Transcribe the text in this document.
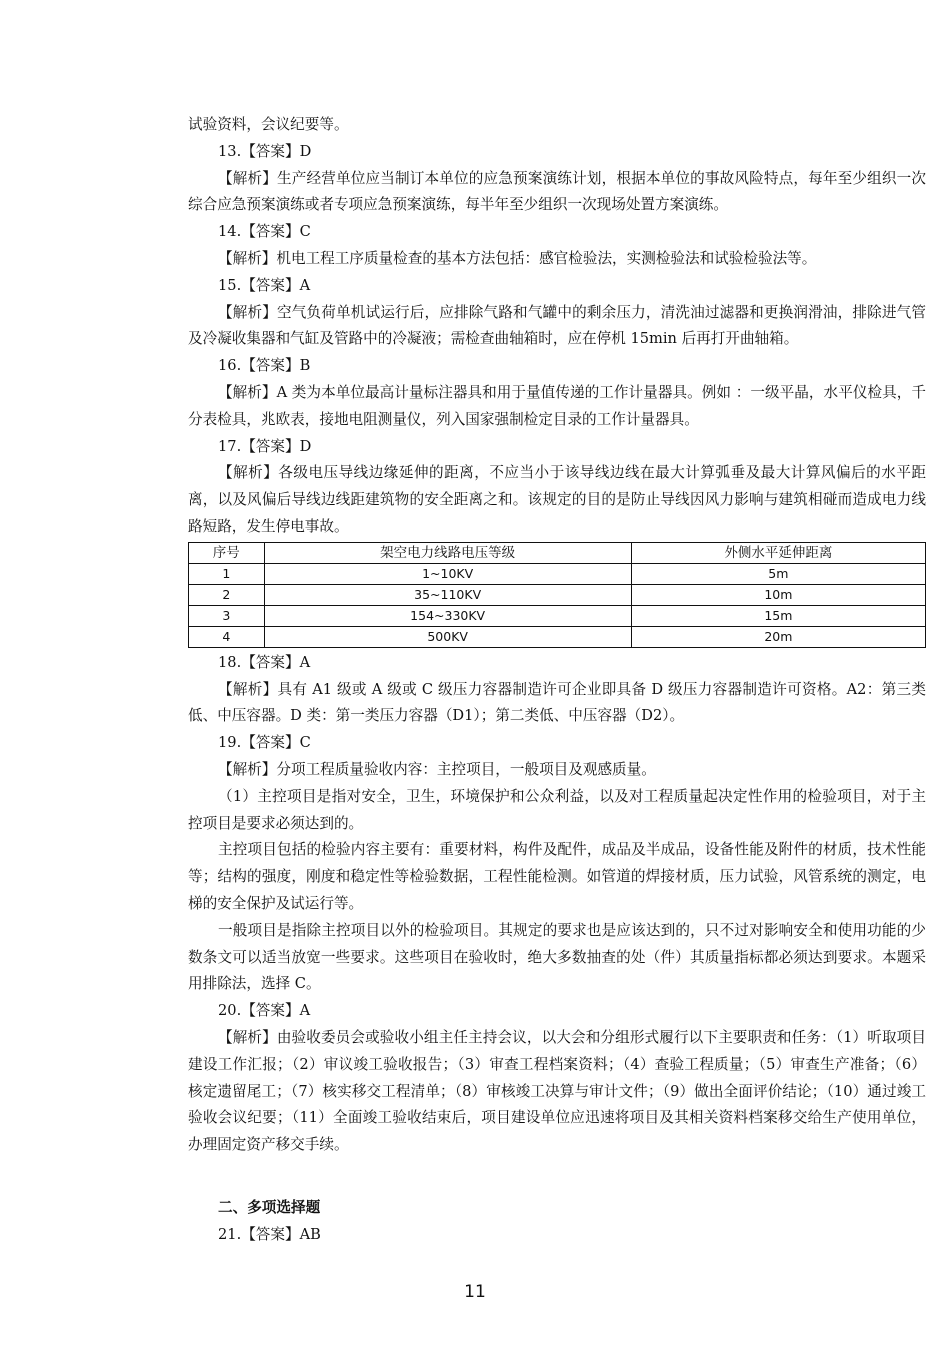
试验资料，会议纪要等。

13.【答案】D

【解析】生产经营单位应当制订本单位的应急预案演练计划，根据本单位的事故风险特点，每年至少组织一次综合应急预案演练或者专项应急预案演练，每半年至少组织一次现场处置方案演练。

14.【答案】C

【解析】机电工程工序质量检查的基本方法包括：感官检验法，实测检验法和试验检验法等。

15.【答案】A

【解析】空气负荷单机试运行后，应排除气路和气罐中的剩余压力，清洗油过滤器和更换润滑油，排除进气管及冷凝收集器和气缸及管路中的冷凝液；需检查曲轴箱时，应在停机 15min 后再打开曲轴箱。

16.【答案】B

【解析】A 类为本单位最高计量标注器具和用于量值传递的工作计量器具。例如 ：一级平晶，水平仪检具，千分表检具，兆欧表，接地电阻测量仪，列入国家强制检定目录的工作计量器具。

17.【答案】D

【解析】各级电压导线边缘延伸的距离，不应当小于该导线边线在最大计算弧垂及最大计算风偏后的水平距离，以及风偏后导线边线距建筑物的安全距离之和。该规定的目的是防止导线因风力影响与建筑相碰而造成电力线路短路，发生停电事故。

序号	架空电力线路电压等级	外侧水平延伸距离
1	1~10KV	5m
2	35~110KV	10m
3	154~330KV	15m
4	500KV	20m

18.【答案】A

【解析】具有 A1 级或 A 级或 C 级压力容器制造许可企业即具备 D 级压力容器制造许可资格。A2：第三类低、中压容器。D 类：第一类压力容器（D1）；第二类低、中压容器（D2）。

19.【答案】C

【解析】分项工程质量验收内容：主控项目，一般项目及观感质量。

（1）主控项目是指对安全，卫生，环境保护和公众利益，以及对工程质量起决定性作用的检验项目，对于主控项目是要求必须达到的。

主控项目包括的检验内容主要有：重要材料，构件及配件，成品及半成品，设备性能及附件的材质，技术性能等；结构的强度，刚度和稳定性等检验数据，工程性能检测。如管道的焊接材质，压力试验，风管系统的测定，电梯的安全保护及试运行等。

一般项目是指除主控项目以外的检验项目。其规定的要求也是应该达到的，只不过对影响安全和使用功能的少数条文可以适当放宽一些要求。这些项目在验收时，绝大多数抽查的处（件）其质量指标都必须达到要求。本题采用排除法，选择 C。

20.【答案】A

【解析】由验收委员会或验收小组主任主持会议，以大会和分组形式履行以下主要职责和任务：（1）听取项目建设工作汇报；（2）审议竣工验收报告；（3）审查工程档案资料；（4）查验工程质量；（5）审查生产准备；（6）核定遗留尾工；（7）核实移交工程清单；（8）审核竣工决算与审计文件；（9）做出全面评价结论；（10）通过竣工验收会议纪要；（11）全面竣工验收结束后，项目建设单位应迅速将项目及其相关资料档案移交给生产使用单位，办理固定资产移交手续。

二、多项选择题

21.【答案】AB

11
